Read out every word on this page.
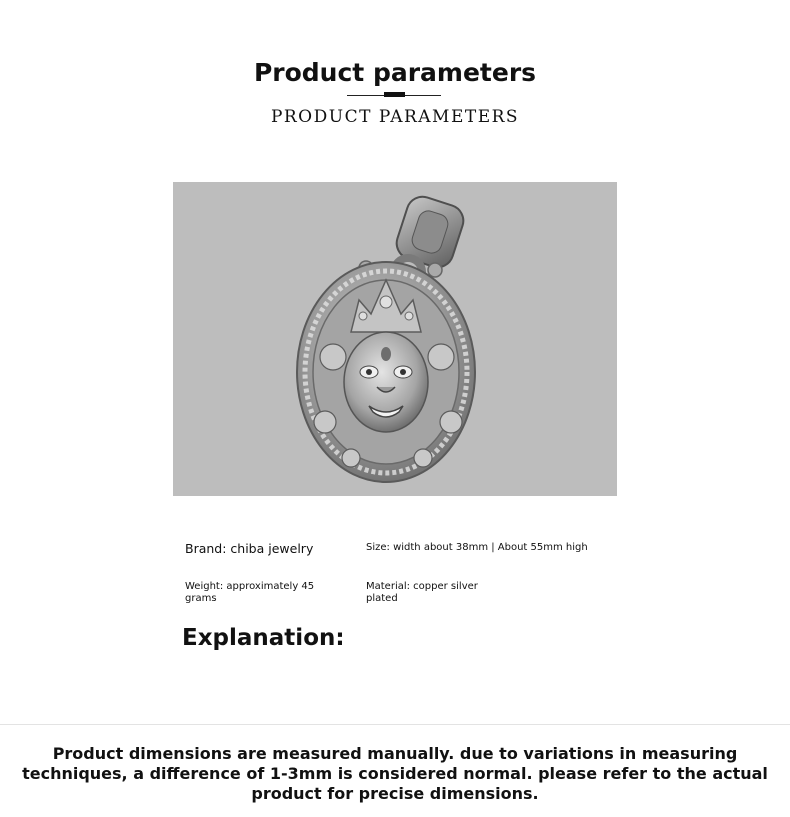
Product parameters
PRODUCT PARAMETERS
Brand: chiba jewelry	Size: width about 38mm | About 55mm high
Weight: approximately 45 grams
Material: copper silver plated
Explanation:
Product dimensions are measured manually. due to variations in measuring techniques, a difference of 1-3mm is considered normal. please refer to the actual product for precise dimensions.
